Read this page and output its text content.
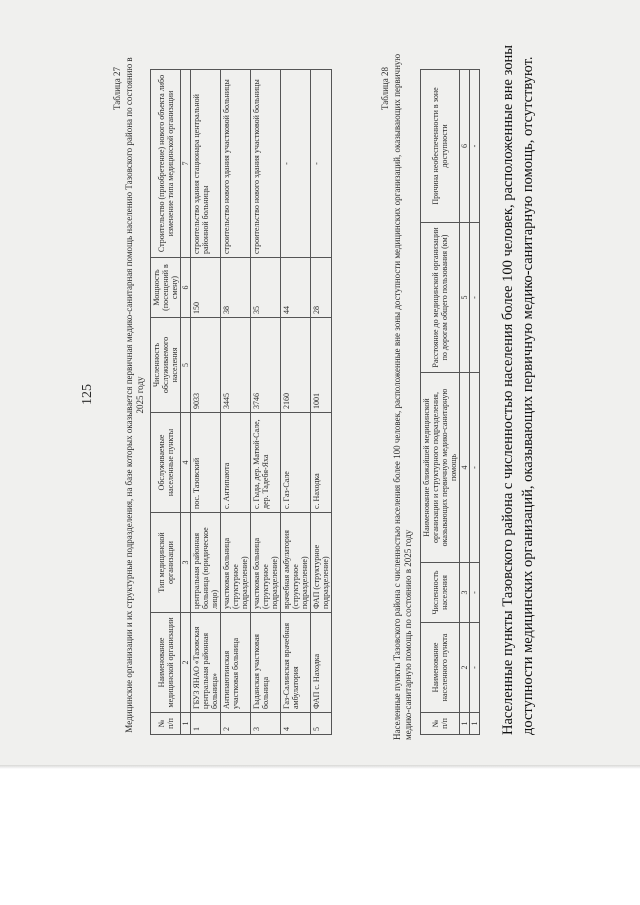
125
Таблица 27 Медицинские организации и их структурные подразделения, на базе которых оказывается первичная медико-санитарная помощь населению Тазовского района по состоянию в 2025 году
№ п/п	Наименование медицинской организации	Тип медицинской организации	Обслуживаемые населенные пункты	Численность обслуживаемого населения	Мощность (посещений в смену)	Строительство (приобретение) нового объекта либо изменение типа медицинской организации
1	2	3	4	5	6	7
1	ГБУЗ ЯНАО «Тазовская центральная районная больница»	центральная районная больница (юридическое лицо)	пос. Тазовский	9033	150	строительство здания стационара центральной районной больницы
2	Антипаютинская участковая больница	участковая больница (структурное подразделение)	с. Антипаюта	3445	38	строительство нового здания участковой больницы
3	Гыданская участковая больница	участковая больница (структурное подразделение)	с. Гыда, дер. Матюй-Сале, дер. Тадебя-Яха	3746	35	строительство нового здания участковой больницы
4	Газ-Салинская врачебная амбулатория	врачебная амбулатория (структурное подразделение)	с. Газ-Сале	2160	44	-
5	ФАП с. Находка	ФАП (структурное подразделение)	с. Находка	1001	28	-
Таблица 28 Населенные пункты Тазовского района с численностью населения более 100 человек, расположенные вне зоны доступности медицинских организаций, оказывающих первичную медико-санитарную помощь по состоянию в 2025 году № п/п	Наименование населенного пункта	Численность населения	Наименование ближайшей медицинской организации и структурного подразделения, оказывающих первичную медико-санитарную помощь	Расстояние до медицинской организации по дорогам общего пользования (км)	Причина необеспеченности в зоне доступности
1	2	3	4	5	6
1	-	-	-	-	- Населенные пункты Тазовского района с численностью населения более 100 человек, расположенные вне зоны доступности медицинских организаций, оказывающих первичную медико-санитарную помощь, отсутствуют.
